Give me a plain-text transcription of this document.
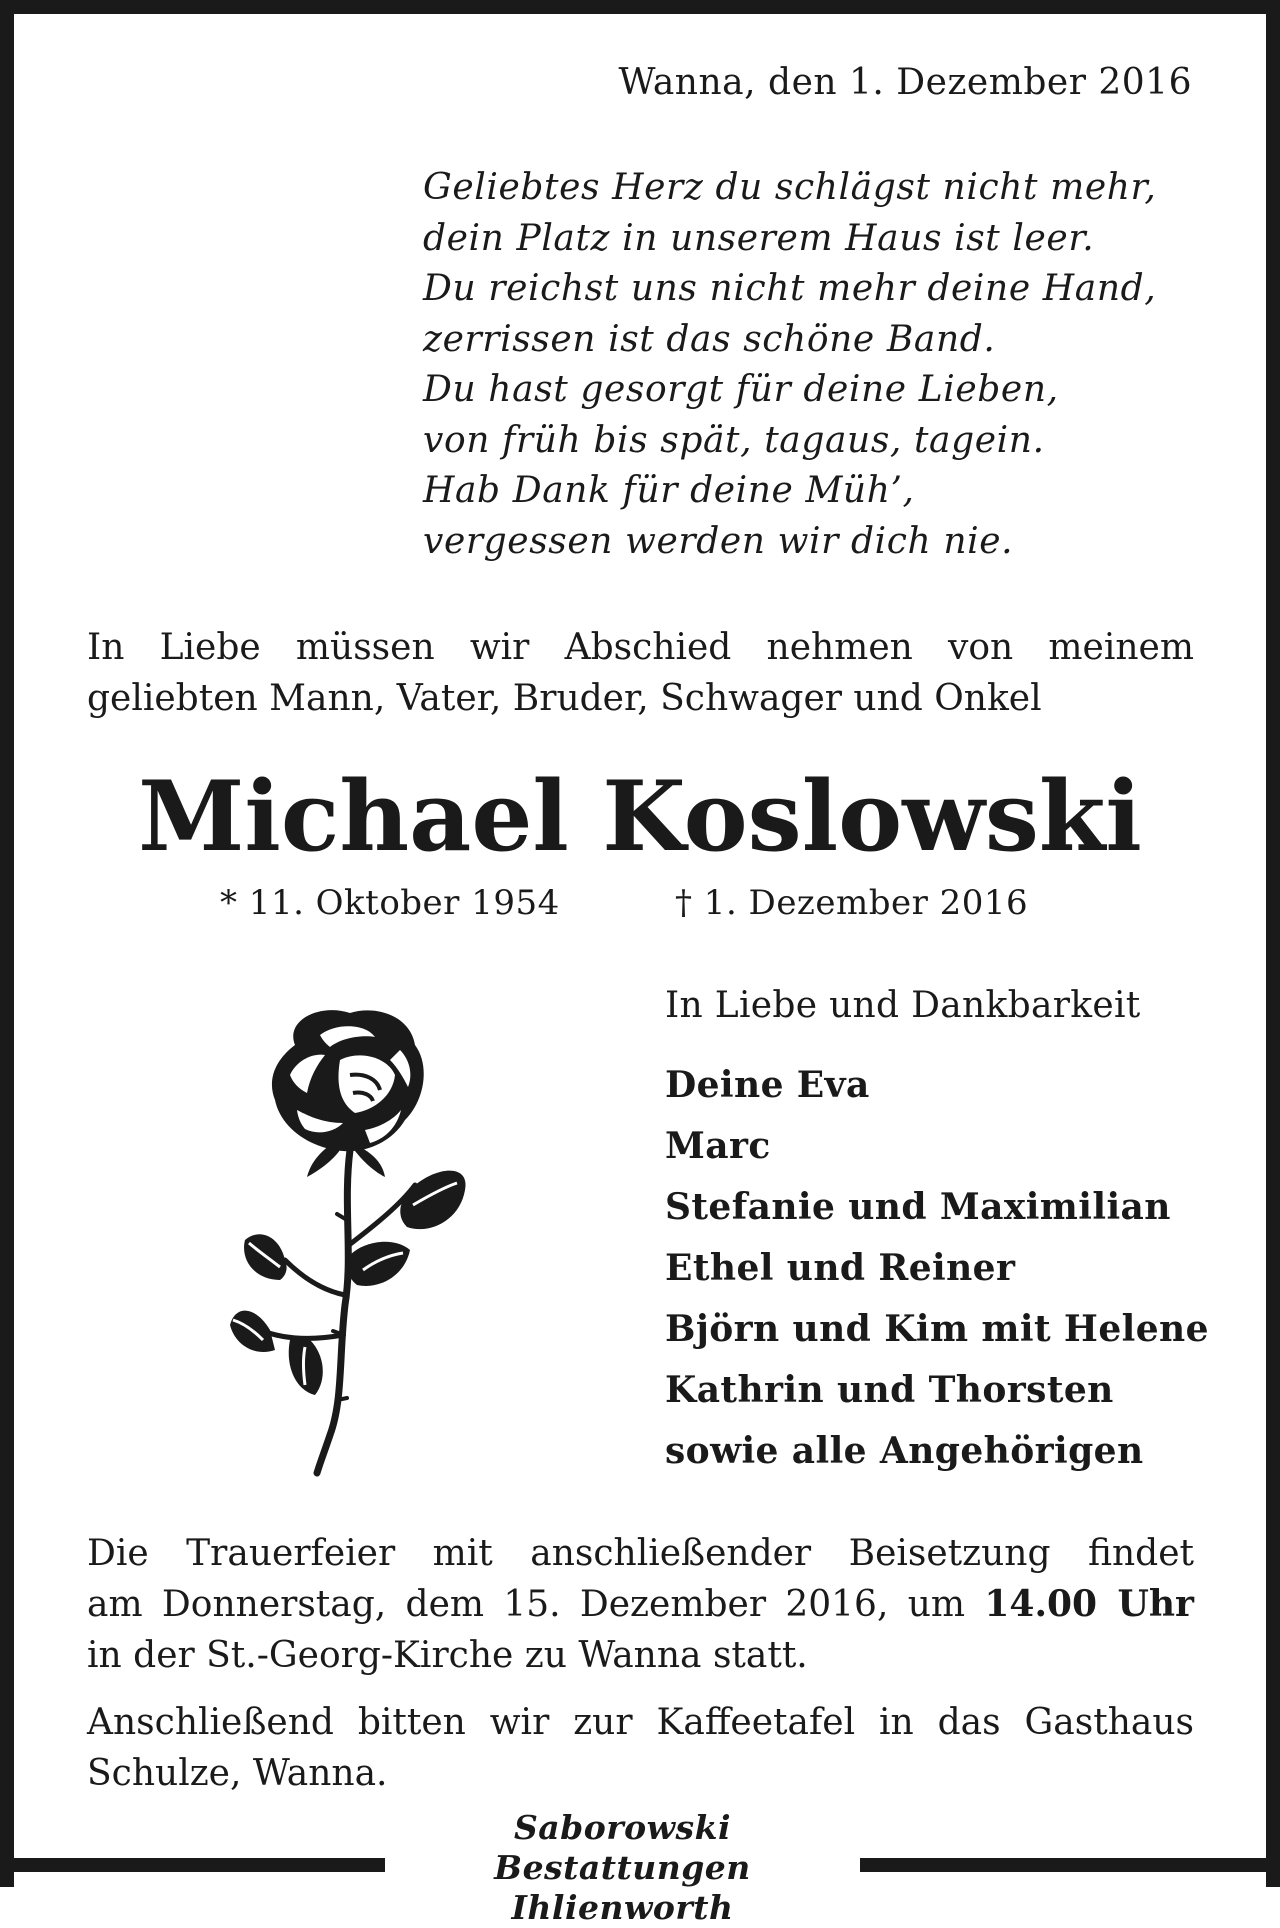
Wanna, den 1. Dezember 2016
Geliebtes Herz du schlägst nicht mehr,
dein Platz in unserem Haus ist leer.
Du reichst uns nicht mehr deine Hand,
zerrissen ist das schöne Band.
Du hast gesorgt für deine Lieben,
von früh bis spät, tagaus, tagein.
Hab Dank für deine Müh’,
vergessen werden wir dich nie.
In Liebe müssen wir Abschied nehmen von meinem
geliebten Mann, Vater, Bruder, Schwager und Onkel
Michael Koslowski
* 11. Oktober 1954	† 1. Dezember 2016
In Liebe und Dankbarkeit
Deine Eva
Marc
Stefanie und Maximilian
Ethel und Reiner
Björn und Kim mit Helene
Kathrin und Thorsten
sowie alle Angehörigen
Die Trauerfeier mit anschließender Beisetzung findet
am Donnerstag, dem 15. Dezember 2016, um 14.00 Uhr
in der St.-Georg-Kirche zu Wanna statt.
Anschließend bitten wir zur Kaffeetafel in das Gasthaus
Schulze, Wanna.
Saborowski Bestattungen
Ihlienworth
